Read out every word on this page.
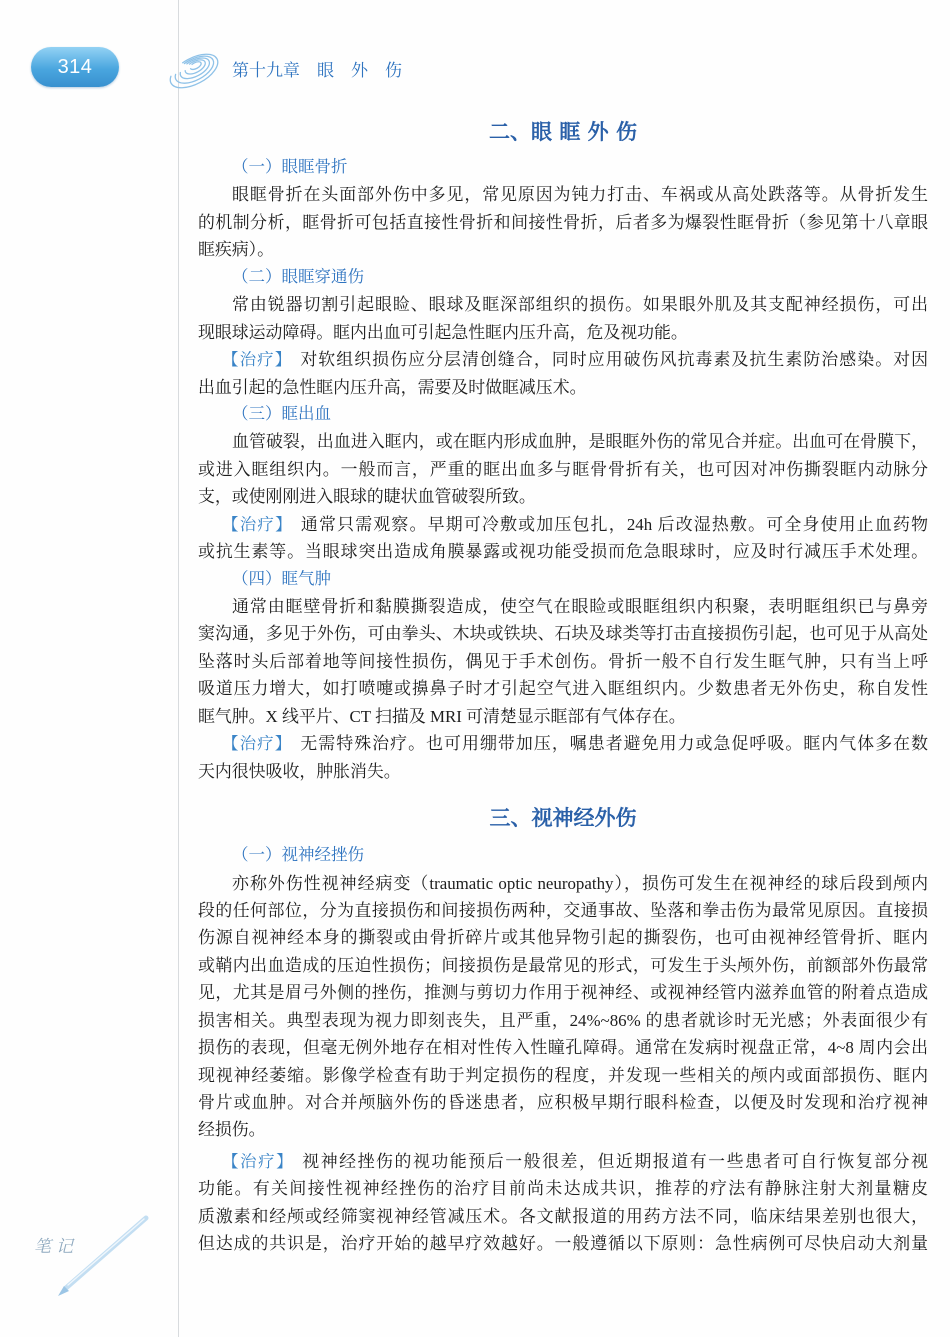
314	第十九章　眼　外　伤
二、眼 眶 外 伤
（一）眼眶骨折
眼眶骨折在头面部外伤中多见，常见原因为钝力打击、车祸或从高处跌落等。从骨折发生
的机制分析，眶骨折可包括直接性骨折和间接性骨折，后者多为爆裂性眶骨折（参见第十八章眼
眶疾病）。
（二）眼眶穿通伤
常由锐器切割引起眼睑、眼球及眶深部组织的损伤。如果眼外肌及其支配神经损伤，可出
现眼球运动障碍。眶内出血可引起急性眶内压升高，危及视功能。
【治疗】 对软组织损伤应分层清创缝合，同时应用破伤风抗毒素及抗生素防治感染。对因
出血引起的急性眶内压升高，需要及时做眶减压术。
（三）眶出血
血管破裂，出血进入眶内，或在眶内形成血肿，是眼眶外伤的常见合并症。出血可在骨膜下，
或进入眶组织内。一般而言，严重的眶出血多与眶骨骨折有关，也可因对冲伤撕裂眶内动脉分
支，或使刚刚进入眼球的睫状血管破裂所致。
【治疗】 通常只需观察。早期可冷敷或加压包扎，24h 后改湿热敷。可全身使用止血药物
或抗生素等。当眼球突出造成角膜暴露或视功能受损而危急眼球时，应及时行减压手术处理。
（四）眶气肿
通常由眶壁骨折和黏膜撕裂造成，使空气在眼睑或眼眶组织内积聚，表明眶组织已与鼻旁
窦沟通，多见于外伤，可由拳头、木块或铁块、石块及球类等打击直接损伤引起，也可见于从高处
坠落时头后部着地等间接性损伤，偶见于手术创伤。骨折一般不自行发生眶气肿，只有当上呼
吸道压力增大，如打喷嚏或擤鼻子时才引起空气进入眶组织内。少数患者无外伤史，称自发性
眶气肿。X 线平片、CT 扫描及 MRI 可清楚显示眶部有气体存在。
【治疗】 无需特殊治疗。也可用绷带加压，嘱患者避免用力或急促呼吸。眶内气体多在数
天内很快吸收，肿胀消失。
三、视神经外伤
（一）视神经挫伤
亦称外伤性视神经病变（traumatic optic neuropathy），损伤可发生在视神经的球后段到颅内
段的任何部位，分为直接损伤和间接损伤两种，交通事故、坠落和拳击伤为最常见原因。直接损
伤源自视神经本身的撕裂或由骨折碎片或其他异物引起的撕裂伤，也可由视神经管骨折、眶内
或鞘内出血造成的压迫性损伤；间接损伤是最常见的形式，可发生于头颅外伤，前额部外伤最常
见，尤其是眉弓外侧的挫伤，推测与剪切力作用于视神经、或视神经管内滋养血管的附着点造成
损害相关。典型表现为视力即刻丧失，且严重，24%~86% 的患者就诊时无光感；外表面很少有
损伤的表现，但毫无例外地存在相对性传入性瞳孔障碍。通常在发病时视盘正常，4~8 周内会出
现视神经萎缩。影像学检查有助于判定损伤的程度，并发现一些相关的颅内或面部损伤、眶内
骨片或血肿。对合并颅脑外伤的昏迷患者，应积极早期行眼科检查，以便及时发现和治疗视神
经损伤。
【治疗】 视神经挫伤的视功能预后一般很差，但近期报道有一些患者可自行恢复部分视
功能。有关间接性视神经挫伤的治疗目前尚未达成共识，推荐的疗法有静脉注射大剂量糖皮
质激素和经颅或经筛窦视神经管减压术。各文献报道的用药方法不同，临床结果差别也很大，
但达成的共识是，治疗开始的越早疗效越好。一般遵循以下原则：急性病例可尽快启动大剂量
笔记
